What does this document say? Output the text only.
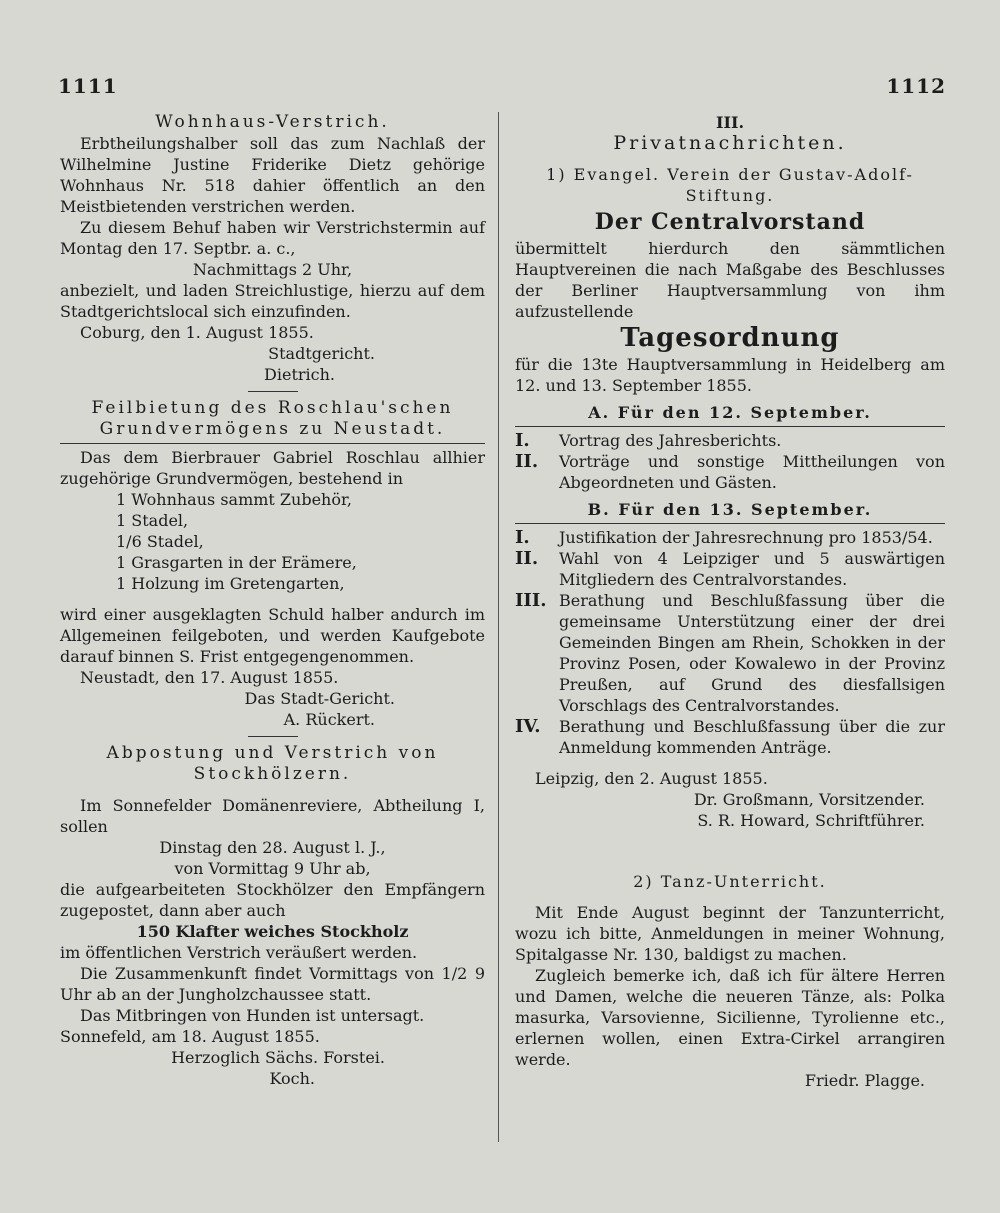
1111	1112
Wohnhaus-Verstrich.
Erbtheilungshalber soll das zum Nachlaß der Wilhelmine Justine Friderike Dietz gehörige Wohnhaus Nr. 518 dahier öffentlich an den Meistbietenden verstrichen werden.
Zu diesem Behuf haben wir Verstrichstermin auf Montag den 17. Septbr. a. c.,
Nachmittags 2 Uhr,
anbezielt, und laden Streichlustige, hierzu auf dem Stadtgerichtslocal sich einzufinden.
Coburg, den 1. August 1855.
Stadtgericht.
Dietrich.
Feilbietung des Roschlau'schen Grundvermögens zu Neustadt.
Das dem Bierbrauer Gabriel Roschlau allhier zugehörige Grundvermögen, bestehend in
1 Wohnhaus sammt Zubehör,
1 Stadel,
1/6 Stadel,
1 Grasgarten in der Erämere,
1 Holzung im Gretengarten,
wird einer ausgeklagten Schuld halber andurch im Allgemeinen feilgeboten, und werden Kaufgebote darauf binnen S. Frist entgegengenommen.
Neustadt, den 17. August 1855.
Das Stadt-Gericht.
A. Rückert.
Abpostung und Verstrich von Stockhölzern.
Im Sonnefelder Domänenreviere, Abtheilung I, sollen
Dinstag den 28. August l. J.,
von Vormittag 9 Uhr ab,
die aufgearbeiteten Stockhölzer den Empfängern zugepostet, dann aber auch
150 Klafter weiches Stockholz
im öffentlichen Verstrich veräußert werden.
Die Zusammenkunft findet Vormittags von 1/2 9 Uhr ab an der Jungholzchaussee statt.
Das Mitbringen von Hunden ist untersagt.
Sonnefeld, am 18. August 1855.
Herzoglich Sächs. Forstei.
Koch.
III.
Privatnachrichten.
1) Evangel. Verein der Gustav-Adolf-Stiftung.
Der Centralvorstand
übermittelt hierdurch den sämmtlichen Hauptvereinen die nach Maßgabe des Beschlusses der Berliner Hauptversammlung von ihm aufzustellende
Tagesordnung
für die 13te Hauptversammlung in Heidelberg am 12. und 13. September 1855.
A. Für den 12. September.
I.	Vortrag des Jahresberichts.
II.	Vorträge und sonstige Mittheilungen von Abgeordneten und Gästen.
B. Für den 13. September.
I.	Justifikation der Jahresrechnung pro 1853/54.
II.	Wahl von 4 Leipziger und 5 auswärtigen Mitgliedern des Centralvorstandes.
III. Berathung und Beschlußfassung über die gemeinsame Unterstützung einer der drei Gemeinden Bingen am Rhein, Schokken in der Provinz Posen, oder Kowalewo in der Provinz Preußen, auf Grund des diesfallsigen Vorschlags des Centralvorstandes.
IV.	Berathung und Beschlußfassung über die zur Anmeldung kommenden Anträge.
Leipzig, den 2. August 1855.
Dr. Großmann, Vorsitzender.
S. R. Howard, Schriftführer.
2) Tanz-Unterricht.
Mit Ende August beginnt der Tanzunterricht, wozu ich bitte, Anmeldungen in meiner Wohnung, Spitalgasse Nr. 130, baldigst zu machen.
Zugleich bemerke ich, daß ich für ältere Herren und Damen, welche die neueren Tänze, als: Polka masurka, Varsovienne, Sicilienne, Tyrolienne etc., erlernen wollen, einen Extra-Cirkel arrangiren werde.
Friedr. Plagge.
